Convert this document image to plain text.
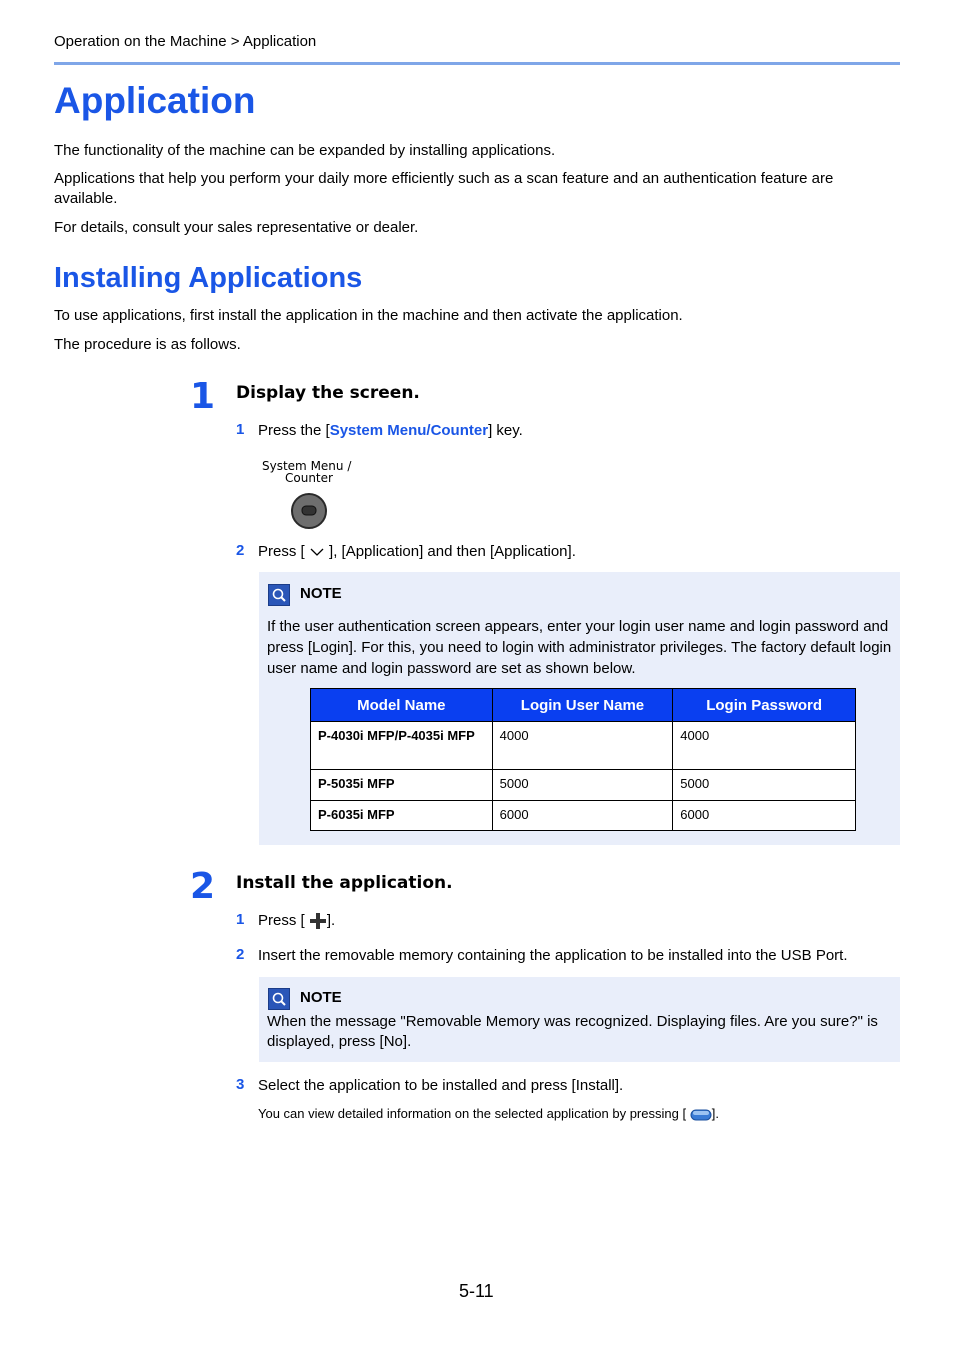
Operation on the Machine > Application
Application
The functionality of the machine can be expanded by installing applications.
Applications that help you perform your daily more efficiently such as a scan feature and an authentication feature are available.
For details, consult your sales representative or dealer.
Installing Applications
To use applications, first install the application in the machine and then activate the application.
The procedure is as follows.
1 Display the screen.
1 Press the [System Menu/Counter] key.
System Menu /
Counter
2 Press [ ], [Application] and then [Application].
NOTE
If the user authentication screen appears, enter your login user name and login password and press [Login]. For this, you need to login with administrator privileges. The factory default login user name and login password are set as shown below.
Model Name	Login User Name	Login Password
P-4030i MFP/P-4035i MFP	4000	4000
P-5035i MFP	5000	5000
P-6035i MFP	6000	6000
2 Install the application.
1 Press [ ].
2 Insert the removable memory containing the application to be installed into the USB Port.
NOTE
When the message "Removable Memory was recognized. Displaying files. Are you sure?" is displayed, press [No].
3 Select the application to be installed and press [Install].
You can view detailed information on the selected application by pressing [ ].
5-11
